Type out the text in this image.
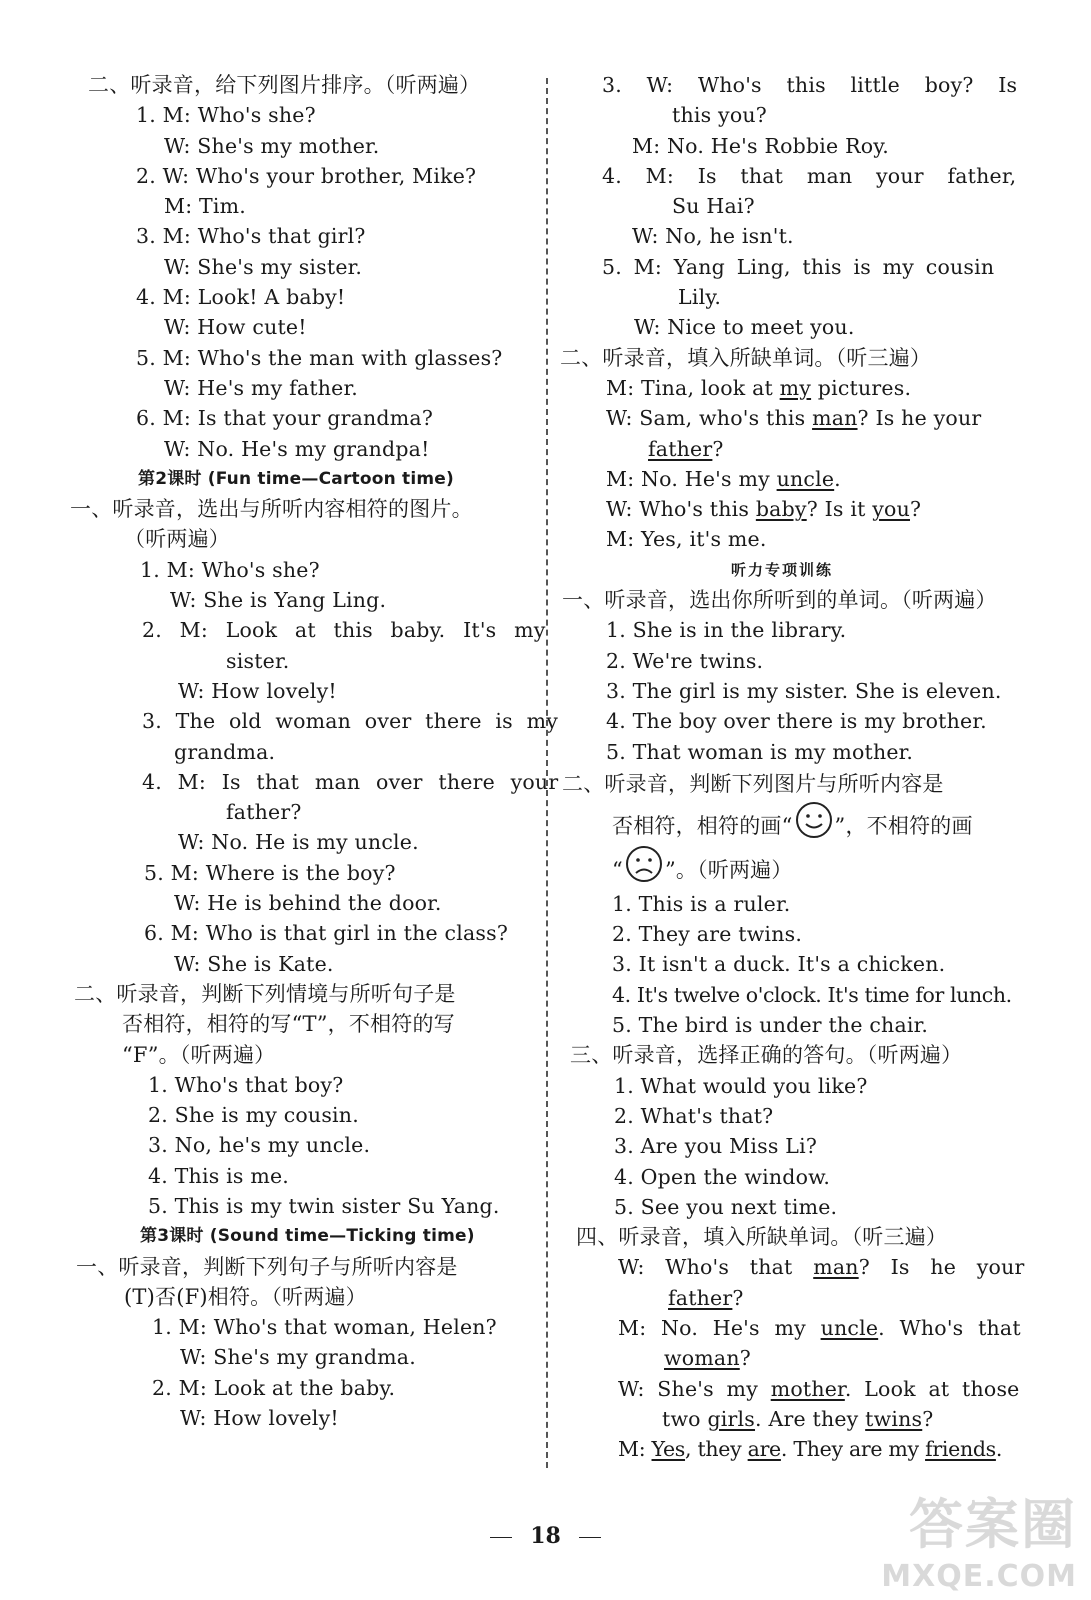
二、听录音，给下列图片排序。（听两遍）
1. M: Who's she?
W: She's my mother.
2. W: Who's your brother, Mike?
M: Tim.
3. M: Who's that girl?
W: She's my sister.
4. M: Look! A baby!
W: How cute!
5. M: Who's the man with glasses?
W: He's my father.
6. M: Is that your grandma?
W: No. He's my grandpa!
第2课时 (Fun time—Cartoon time)
一、听录音，选出与所听内容相符的图片。
（听两遍）
1. M: Who's she?
W: She is Yang Ling.
2. M: Look at this baby. It's my
sister.
W: How lovely!
3. The old woman over there is my
grandma.
4. M: Is that man over there your
father?
W: No. He is my uncle.
5. M: Where is the boy?
W: He is behind the door.
6. M: Who is that girl in the class?
W: She is Kate.
二、听录音，判断下列情境与所听句子是
否相符，相符的写“T”，不相符的写
“F”。（听两遍）
1. Who's that boy?
2. She is my cousin.
3. No, he's my uncle.
4. This is me.
5. This is my twin sister Su Yang.
第3课时 (Sound time—Ticking time)
一、听录音，判断下列句子与所听内容是
(T)否(F)相符。（听两遍）
1. M: Who's that woman, Helen?
W: She's my grandma.
2. M: Look at the baby.
W: How lovely!
3. W: Who's this little boy? Is
this you?
M: No. He's Robbie Roy.
4. M: Is that man your father,
Su Hai?
W: No, he isn't.
5. M: Yang Ling, this is my cousin
Lily.
W: Nice to meet you.
二、听录音，填入所缺单词。（听三遍）
M: Tina, look at my pictures.
W: Sam, who's this man? Is he your
father?
M: No. He's my uncle.
W: Who's this baby? Is it you?
M: Yes, it's me.
听力专项训练
一、听录音，选出你所听到的单词。（听两遍）
1. She is in the library.
2. We're twins.
3. The girl is my sister. She is eleven.
4. The boy over there is my brother.
5. That woman is my mother.
二、听录音，判断下列图片与所听内容是
否相符，相符的画“ ”，不相符的画
“ ”。（听两遍）
1. This is a ruler.
2. They are twins.
3. It isn't a duck. It's a chicken.
4. It's twelve o'clock. It's time for lunch.
5. The bird is under the chair.
三、听录音，选择正确的答句。（听两遍）
1. What would you like?
2. What's that?
3. Are you Miss Li?
4. Open the window.
5. See you next time.
四、听录音，填入所缺单词。（听三遍）
W: Who's that man? Is he your
father?
M: No. He's my uncle. Who's that
woman?
W: She's my mother. Look at those
two girls. Are they twins?
M: Yes, they are. They are my friends.
18	答案圈
MXQE.COM
